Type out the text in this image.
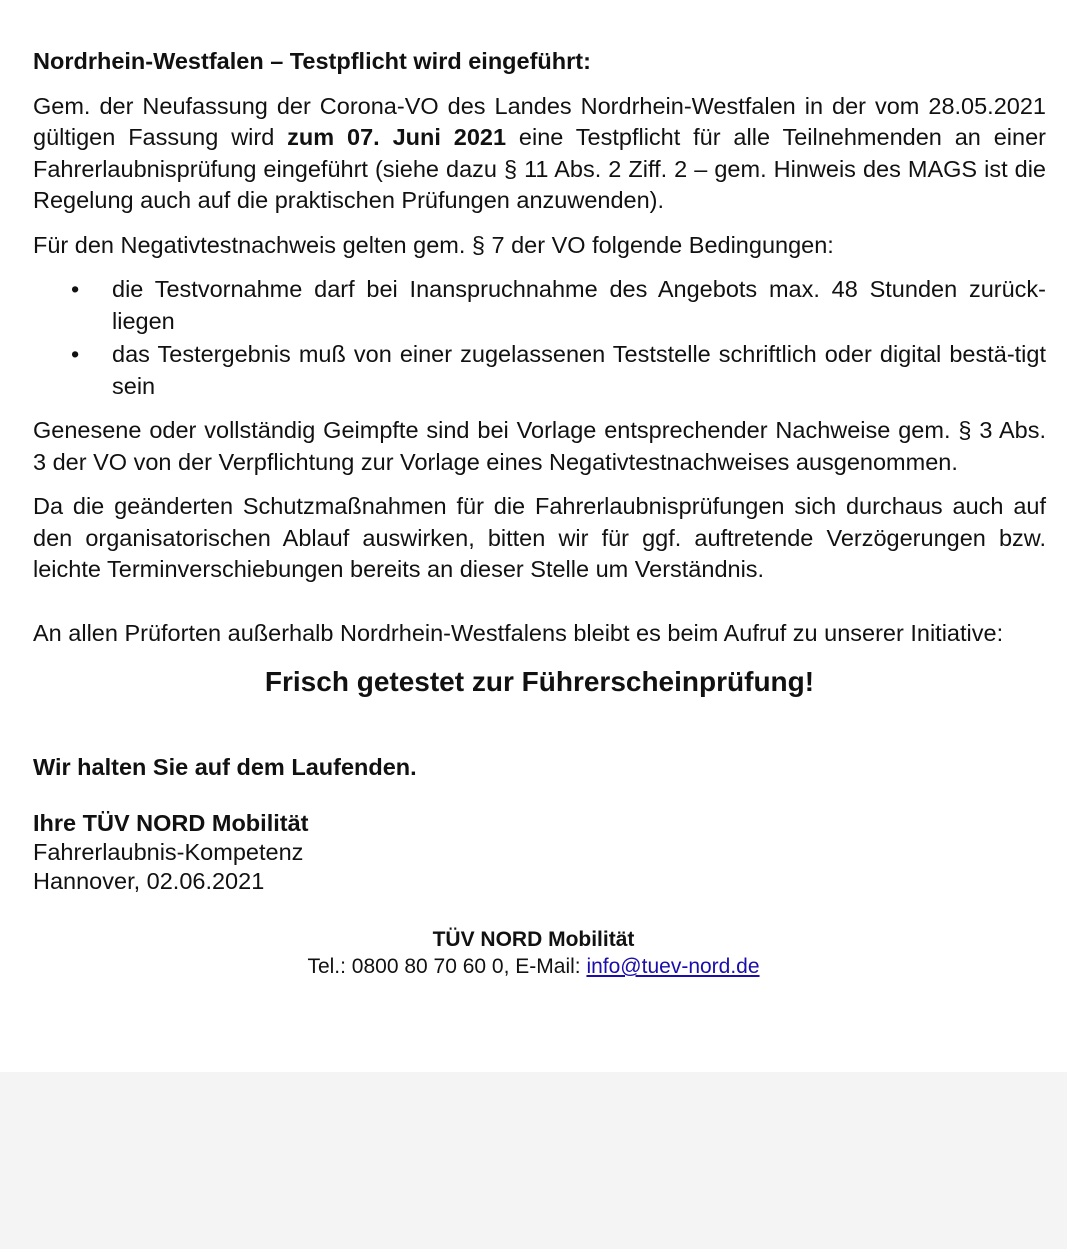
Nordrhein-Westfalen – Testpflicht wird eingeführt:

Gem. der Neufassung der Corona-VO des Landes Nordrhein-Westfalen in der vom 28.05.2021 gültigen Fassung wird zum 07. Juni 2021 eine Testpflicht für alle Teilnehmenden an einer Fahrerlaubnisprüfung eingeführt (siehe dazu § 11 Abs. 2 Ziff. 2 – gem. Hinweis des MAGS ist die Regelung auch auf die praktischen Prüfungen anzuwenden).

Für den Negativtestnachweis gelten gem. § 7 der VO folgende Bedingungen:

• die Testvornahme darf bei Inanspruchnahme des Angebots max. 48 Stunden zurück-liegen
• das Testergebnis muß von einer zugelassenen Teststelle schriftlich oder digital bestä-tigt sein

Genesene oder vollständig Geimpfte sind bei Vorlage entsprechender Nachweise gem. § 3 Abs. 3 der VO von der Verpflichtung zur Vorlage eines Negativtestnachweises ausgenommen.

Da die geänderten Schutzmaßnahmen für die Fahrerlaubnisprüfungen sich durchaus auch auf den organisatorischen Ablauf auswirken, bitten wir für ggf. auftretende Verzögerungen bzw. leichte Terminverschiebungen bereits an dieser Stelle um Verständnis.

An allen Prüforten außerhalb Nordrhein-Westfalens bleibt es beim Aufruf zu unserer Initiative:

Frisch getestet zur Führerscheinprüfung!
Wir halten Sie auf dem Laufenden.
Ihre TÜV NORD Mobilität
Fahrerlaubnis-Kompetenz
Hannover, 02.06.2021
TÜV NORD Mobilität
Tel.: 0800 80 70 60 0, E-Mail: info@tuev-nord.de
